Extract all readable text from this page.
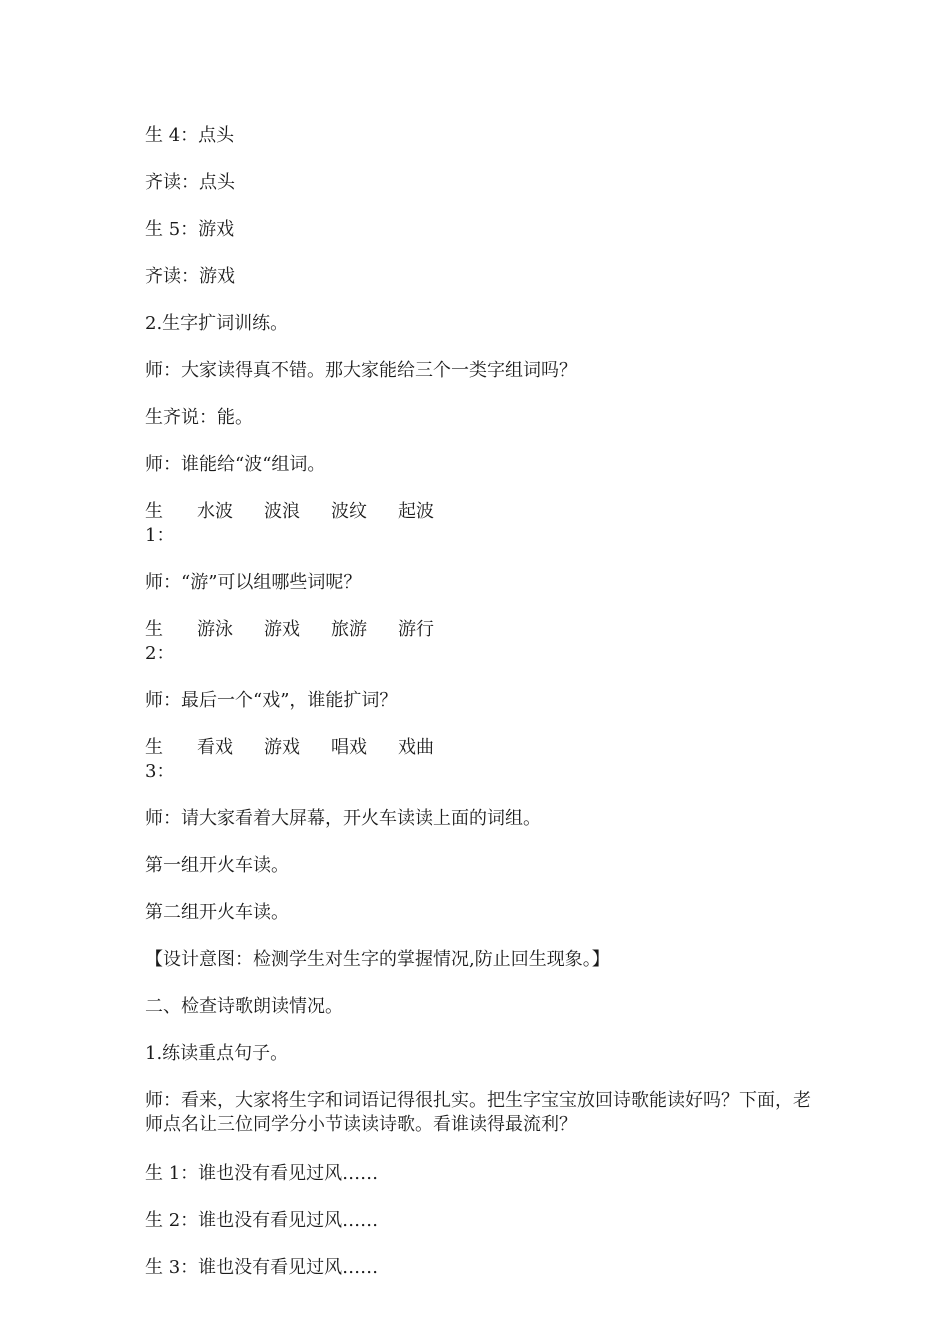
生 4：点头

齐读：点头

生 5：游戏

齐读：游戏

2.生字扩词训练。

师：大家读得真不错。那大家能给三个一类字组词吗？

生齐说：能。

师：谁能给“波“组词。

生 1：
水波	波浪	波纹	起波

师：“游”可以组哪些词呢？

生 2：
游泳	游戏	旅游	游行

师：最后一个“戏”，谁能扩词？

生 3：
看戏	游戏	唱戏	戏曲

师：请大家看着大屏幕，开火车读读上面的词组。

第一组开火车读。

第二组开火车读。

【设计意图：检测学生对生字的掌握情况,防止回生现象。】

二、检查诗歌朗读情况。

1.练读重点句子。

师：看来，大家将生字和词语记得很扎实。把生字宝宝放回诗歌能读好吗？下面，老师点名让三位同学分小节读读诗歌。看谁读得最流利？

生 1：谁也没有看见过风……

生 2：谁也没有看见过风……

生 3：谁也没有看见过风……
